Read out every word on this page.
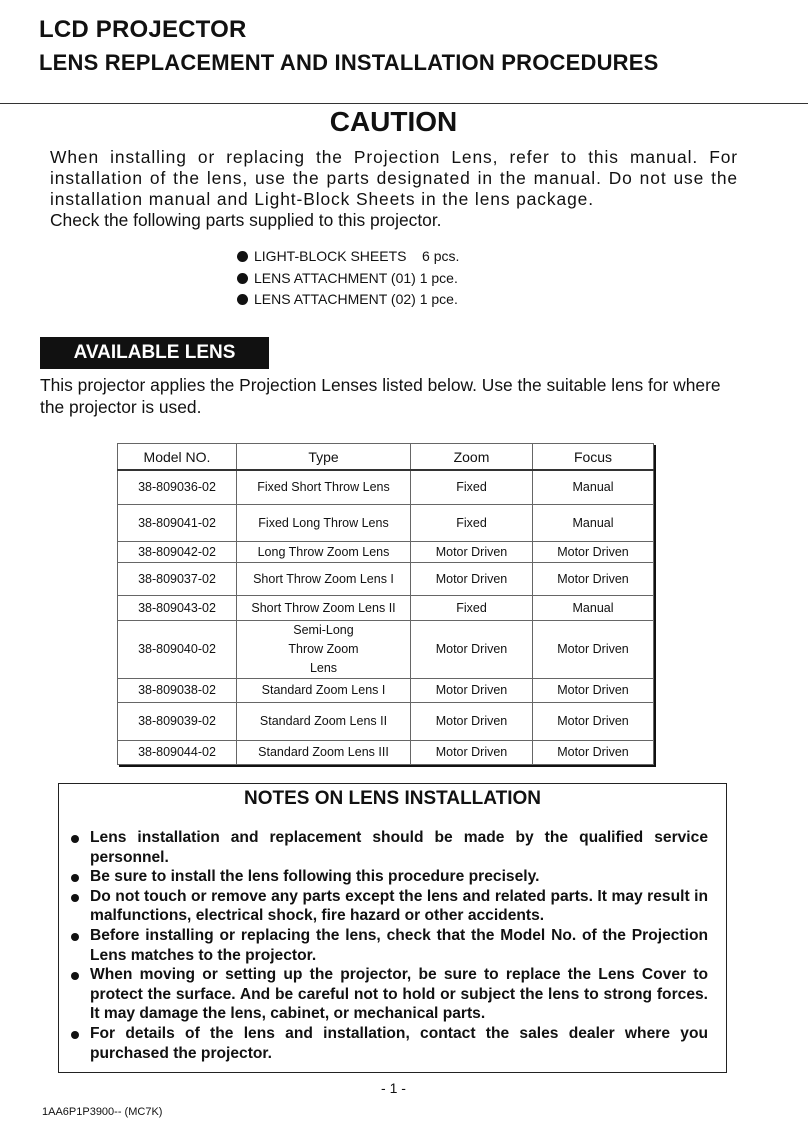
LCD PROJECTOR
LENS REPLACEMENT AND INSTALLATION PROCEDURES
CAUTION

When installing or replacing the Projection Lens, refer to this manual. For installation of the lens, use the parts designated in the manual. Do not use the installation manual and Light-Block Sheets in the lens package.

Check the following parts supplied to this projector.

LIGHT-BLOCK SHEETS    6 pcs.
LENS ATTACHMENT (01) 1 pce.
LENS ATTACHMENT (02) 1 pce.
AVAILABLE LENS
This projector applies the Projection Lenses listed below. Use the suitable lens for where the projector is used.
Model NO.	Type	Zoom	Focus
38-809036-02	Fixed Short Throw Lens	Fixed	Manual
38-809041-02	Fixed Long Throw Lens	Fixed	Manual
38-809042-02	Long Throw Zoom Lens	Motor Driven	Motor Driven
38-809037-02	Short Throw Zoom Lens I	Motor Driven	Motor Driven
38-809043-02	Short Throw Zoom Lens II	Fixed	Manual
38-809040-02	Semi-Long Throw Zoom Lens	Motor Driven	Motor Driven
38-809038-02	Standard Zoom Lens I	Motor Driven	Motor Driven
38-809039-02	Standard Zoom Lens II	Motor Driven	Motor Driven
38-809044-02	Standard Zoom Lens III	Motor Driven	Motor Driven
NOTES ON LENS INSTALLATION
Lens installation and replacement should be made by the qualified service personnel.
Be sure to install the lens following this procedure precisely.
Do not touch or remove any parts except the lens and related parts. It may result in malfunctions, electrical shock, fire hazard or other accidents.
Before installing or replacing the lens, check that the Model No. of the Projection Lens matches to the projector.
When moving or setting up the projector, be sure to replace the Lens Cover to protect the surface. And be careful not to hold or subject the lens to strong forces. It may damage the lens, cabinet, or mechanical parts.
For details of the lens and installation, contact the sales dealer where you purchased the projector.
- 1 -
1AA6P1P3900-- (MC7K)
